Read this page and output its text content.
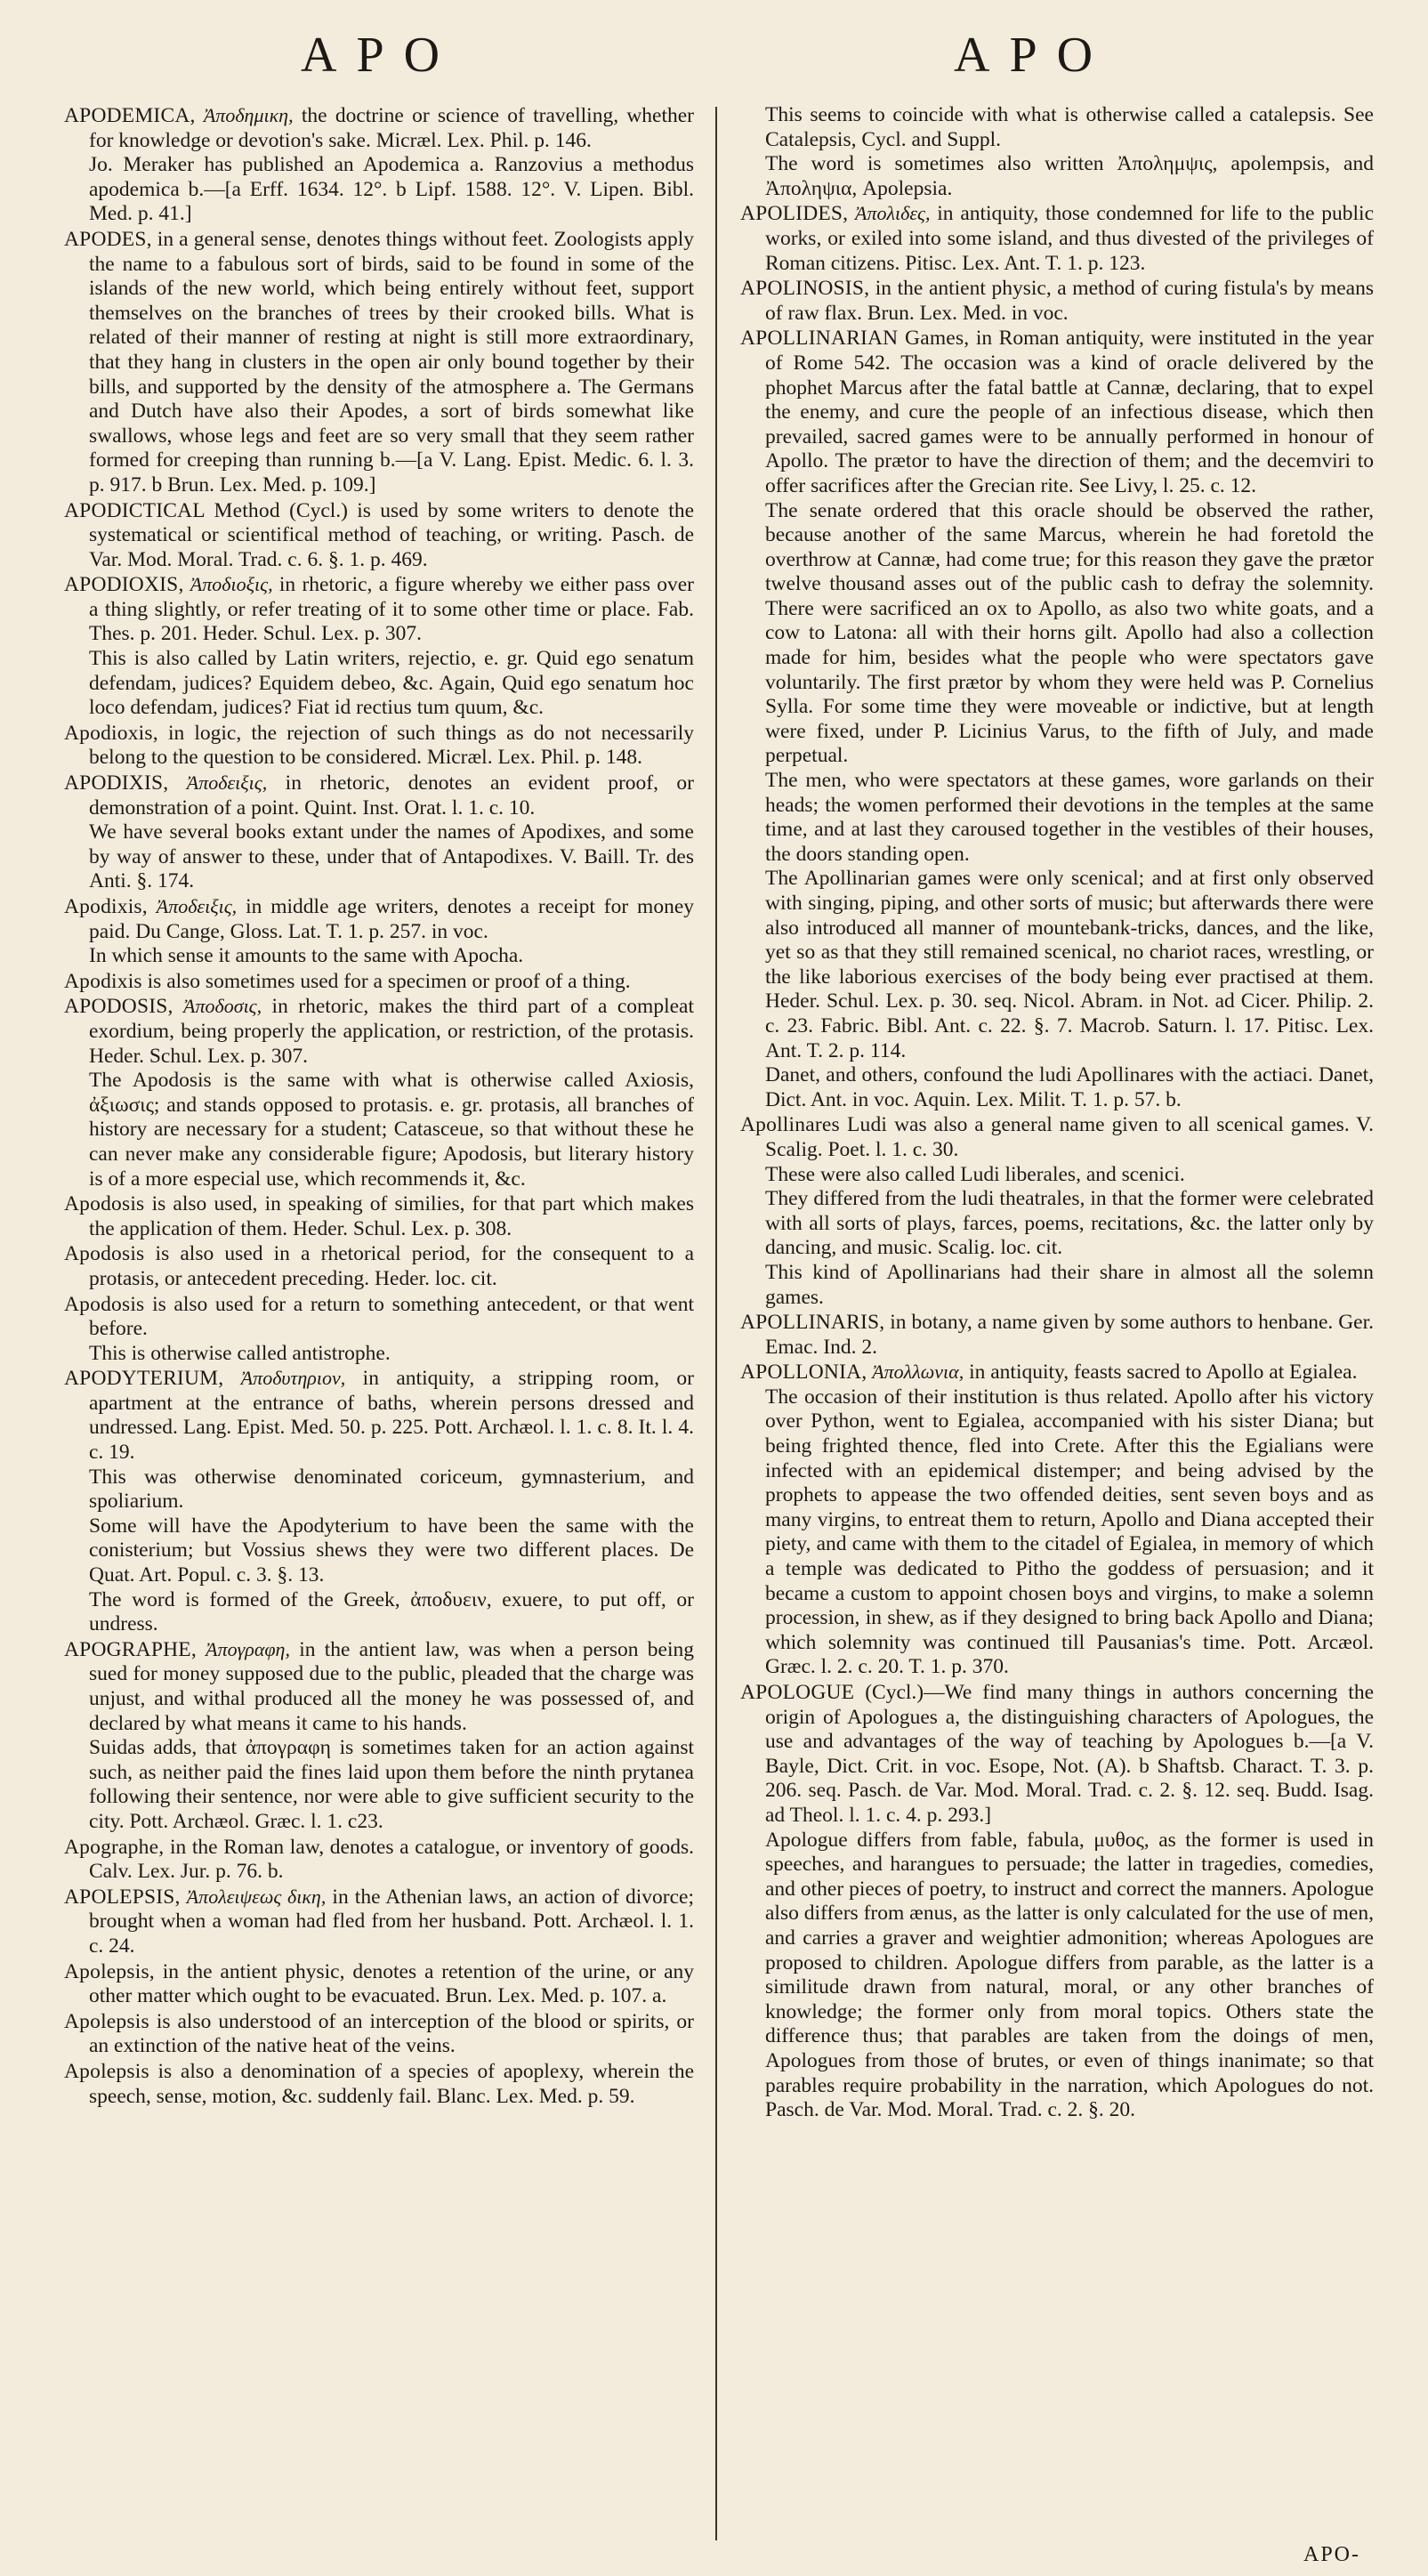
APO	APO

APODEMICA, Ἀποδημικη, the doctrine or science of travelling, whether for knowledge or devotion's sake. Micræl. Lex. Phil. p. 146.

Jo. Meraker has published an Apodemica a. Ranzovius a methodus apodemica b.—[a Erff. 1634. 12°. b Lipf. 1588. 12°. V. Lipen. Bibl. Med. p. 41.]

APODES, in a general sense, denotes things without feet. Zoologists apply the name to a fabulous sort of birds, said to be found in some of the islands of the new world, which being entirely without feet, support themselves on the branches of trees by their crooked bills. What is related of their manner of resting at night is still more extraordinary, that they hang in clusters in the open air only bound together by their bills, and supported by the density of the atmosphere a. The Germans and Dutch have also their Apodes, a sort of birds somewhat like swallows, whose legs and feet are so very small that they seem rather formed for creeping than running b.—[a V. Lang. Epist. Medic. 6. l. 3. p. 917. b Brun. Lex. Med. p. 109.]

APODICTICAL Method (Cycl.) is used by some writers to denote the systematical or scientifical method of teaching, or writing. Pasch. de Var. Mod. Moral. Trad. c. 6. §. 1. p. 469.

APODIOXIS, Ἀποδιοξις, in rhetoric, a figure whereby we either pass over a thing slightly, or refer treating of it to some other time or place. Fab. Thes. p. 201. Heder. Schul. Lex. p. 307.

This is also called by Latin writers, rejectio, e. gr. Quid ego senatum defendam, judices? Equidem debeo, &c. Again, Quid ego senatum hoc loco defendam, judices? Fiat id rectius tum quum, &c.

Apodioxis, in logic, the rejection of such things as do not necessarily belong to the question to be considered. Micræl. Lex. Phil. p. 148.

APODIXIS, Ἀποδειξις, in rhetoric, denotes an evident proof, or demonstration of a point. Quint. Inst. Orat. l. 1. c. 10.

We have several books extant under the names of Apodixes, and some by way of answer to these, under that of Antapodixes. V. Baill. Tr. des Anti. §. 174.

Apodixis, Ἀποδειξις, in middle age writers, denotes a receipt for money paid. Du Cange, Gloss. Lat. T. 1. p. 257. in voc.

In which sense it amounts to the same with Apocha.

Apodixis is also sometimes used for a specimen or proof of a thing.

APODOSIS, Ἀποδοσις, in rhetoric, makes the third part of a compleat exordium, being properly the application, or restriction, of the protasis. Heder. Schul. Lex. p. 307.

The Apodosis is the same with what is otherwise called Axiosis, ἀξιωσις; and stands opposed to protasis. e. gr. protasis, all branches of history are necessary for a student; Catasceue, so that without these he can never make any considerable figure; Apodosis, but literary history is of a more especial use, which recommends it, &c.

Apodosis is also used, in speaking of similies, for that part which makes the application of them. Heder. Schul. Lex. p. 308.

Apodosis is also used in a rhetorical period, for the consequent to a protasis, or antecedent preceding. Heder. loc. cit.

Apodosis is also used for a return to something antecedent, or that went before.

This is otherwise called antistrophe.

APODYTERIUM, Ἀποδυτηριον, in antiquity, a stripping room, or apartment at the entrance of baths, wherein persons dressed and undressed. Lang. Epist. Med. 50. p. 225. Pott. Archæol. l. 1. c. 8. It. l. 4. c. 19.

This was otherwise denominated coriceum, gymnasterium, and spoliarium.

Some will have the Apodyterium to have been the same with the conisterium; but Vossius shews they were two different places. De Quat. Art. Popul. c. 3. §. 13.

The word is formed of the Greek, ἀποδυειν, exuere, to put off, or undress.

APOGRAPHE, Ἀπογραφη, in the antient law, was when a person being sued for money supposed due to the public, pleaded that the charge was unjust, and withal produced all the money he was possessed of, and declared by what means it came to his hands.

Suidas adds, that ἀπογραφη is sometimes taken for an action against such, as neither paid the fines laid upon them before the ninth prytanea following their sentence, nor were able to give sufficient security to the city. Pott. Archæol. Græc. l. 1. c23.

Apographe, in the Roman law, denotes a catalogue, or inventory of goods. Calv. Lex. Jur. p. 76. b.

APOLEPSIS, Ἀπολειψεως δικη, in the Athenian laws, an action of divorce; brought when a woman had fled from her husband. Pott. Archæol. l. 1. c. 24.

Apolepsis, in the antient physic, denotes a retention of the urine, or any other matter which ought to be evacuated. Brun. Lex. Med. p. 107. a.

Apolepsis is also understood of an interception of the blood or spirits, or an extinction of the native heat of the veins.

Apolepsis is also a denomination of a species of apoplexy, wherein the speech, sense, motion, &c. suddenly fail. Blanc. Lex. Med. p. 59.

This seems to coincide with what is otherwise called a catalepsis. See Catalepsis, Cycl. and Suppl.

The word is sometimes also written Ἀπολημψις, apolempsis, and Ἀποληψια, Apolepsia.

APOLIDES, Ἀπολιδες, in antiquity, those condemned for life to the public works, or exiled into some island, and thus divested of the privileges of Roman citizens. Pitisc. Lex. Ant. T. 1. p. 123.

APOLINOSIS, in the antient physic, a method of curing fistula's by means of raw flax. Brun. Lex. Med. in voc.

APOLLINARIAN Games, in Roman antiquity, were instituted in the year of Rome 542. The occasion was a kind of oracle delivered by the phophet Marcus after the fatal battle at Cannæ, declaring, that to expel the enemy, and cure the people of an infectious disease, which then prevailed, sacred games were to be annually performed in honour of Apollo. The prætor to have the direction of them; and the decemviri to offer sacrifices after the Grecian rite. See Livy, l. 25. c. 12.

The senate ordered that this oracle should be observed the rather, because another of the same Marcus, wherein he had foretold the overthrow at Cannæ, had come true; for this reason they gave the prætor twelve thousand asses out of the public cash to defray the solemnity. There were sacrificed an ox to Apollo, as also two white goats, and a cow to Latona: all with their horns gilt. Apollo had also a collection made for him, besides what the people who were spectators gave voluntarily. The first prætor by whom they were held was P. Cornelius Sylla. For some time they were moveable or indictive, but at length were fixed, under P. Licinius Varus, to the fifth of July, and made perpetual.

The men, who were spectators at these games, wore garlands on their heads; the women performed their devotions in the temples at the same time, and at last they caroused together in the vestibles of their houses, the doors standing open.

The Apollinarian games were only scenical; and at first only observed with singing, piping, and other sorts of music; but afterwards there were also introduced all manner of mountebank-tricks, dances, and the like, yet so as that they still remained scenical, no chariot races, wrestling, or the like laborious exercises of the body being ever practised at them. Heder. Schul. Lex. p. 30. seq. Nicol. Abram. in Not. ad Cicer. Philip. 2. c. 23. Fabric. Bibl. Ant. c. 22. §. 7. Macrob. Saturn. l. 17. Pitisc. Lex. Ant. T. 2. p. 114.

Danet, and others, confound the ludi Apollinares with the actiaci. Danet, Dict. Ant. in voc. Aquin. Lex. Milit. T. 1. p. 57. b.

Apollinares Ludi was also a general name given to all scenical games. V. Scalig. Poet. l. 1. c. 30.

These were also called Ludi liberales, and scenici.

They differed from the ludi theatrales, in that the former were celebrated with all sorts of plays, farces, poems, recitations, &c. the latter only by dancing, and music. Scalig. loc. cit.

This kind of Apollinarians had their share in almost all the solemn games.

APOLLINARIS, in botany, a name given by some authors to henbane. Ger. Emac. Ind. 2.

APOLLONIA, Ἀπολλωνια, in antiquity, feasts sacred to Apollo at Egialea.

The occasion of their institution is thus related. Apollo after his victory over Python, went to Egialea, accompanied with his sister Diana; but being frighted thence, fled into Crete. After this the Egialians were infected with an epidemical distemper; and being advised by the prophets to appease the two offended deities, sent seven boys and as many virgins, to entreat them to return, Apollo and Diana accepted their piety, and came with them to the citadel of Egialea, in memory of which a temple was dedicated to Pitho the goddess of persuasion; and it became a custom to appoint chosen boys and virgins, to make a solemn procession, in shew, as if they designed to bring back Apollo and Diana; which solemnity was continued till Pausanias's time. Pott. Arcæol. Græc. l. 2. c. 20. T. 1. p. 370.

APOLOGUE (Cycl.)—We find many things in authors concerning the origin of Apologues a, the distinguishing characters of Apologues, the use and advantages of the way of teaching by Apologues b.—[a V. Bayle, Dict. Crit. in voc. Esope, Not. (A). b Shaftsb. Charact. T. 3. p. 206. seq. Pasch. de Var. Mod. Moral. Trad. c. 2. §. 12. seq. Budd. Isag. ad Theol. l. 1. c. 4. p. 293.]

Apologue differs from fable, fabula, μυθος, as the former is used in speeches, and harangues to persuade; the latter in tragedies, comedies, and other pieces of poetry, to instruct and correct the manners. Apologue also differs from ænus, as the latter is only calculated for the use of men, and carries a graver and weightier admonition; whereas Apologues are proposed to children. Apologue differs from parable, as the latter is a similitude drawn from natural, moral, or any other branches of knowledge; the former only from moral topics. Others state the difference thus; that parables are taken from the doings of men, Apologues from those of brutes, or even of things inanimate; so that parables require probability in the narration, which Apologues do not. Pasch. de Var. Mod. Moral. Trad. c. 2. §. 20.

APO-
